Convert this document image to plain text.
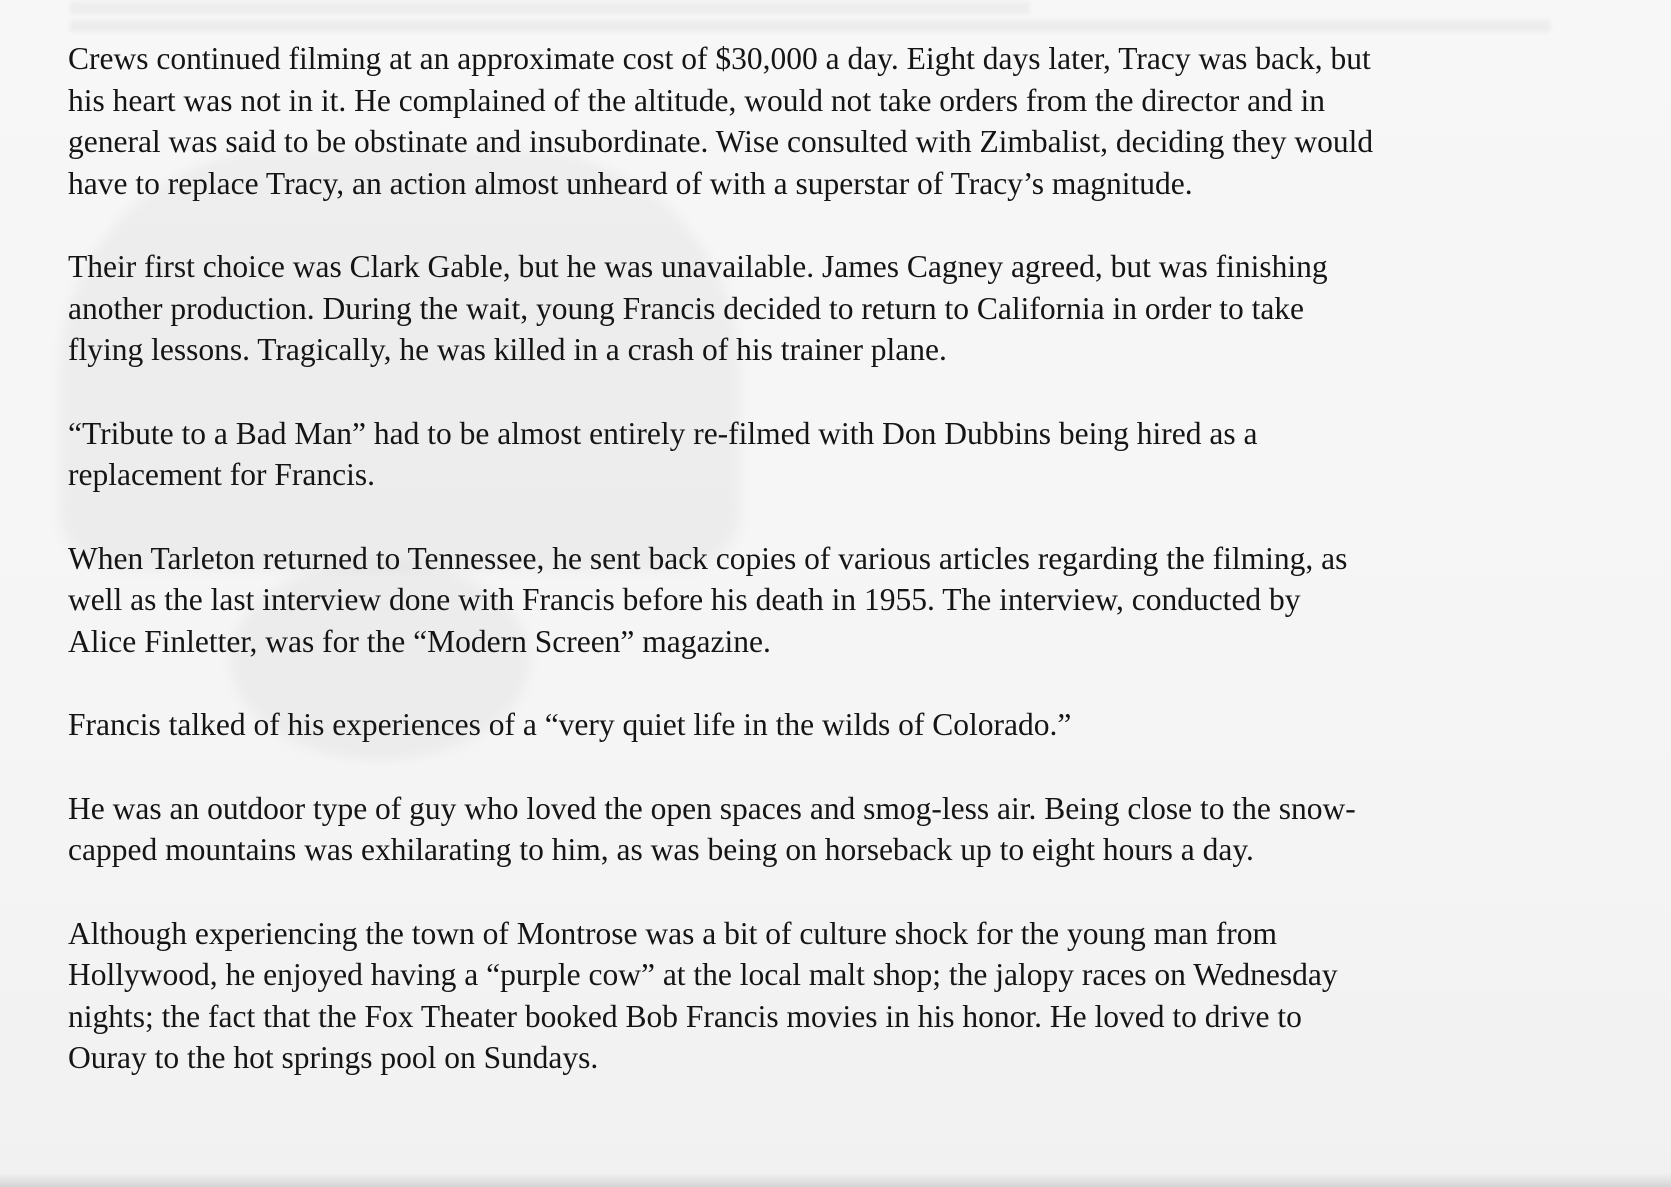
Crews continued filming at an approximate cost of $30,000 a day. Eight days later, Tracy was back, but
his heart was not in it. He complained of the altitude, would not take orders from the director and in
general was said to be obstinate and insubordinate. Wise consulted with Zimbalist, deciding they would
have to replace Tracy, an action almost unheard of with a superstar of Tracy’s magnitude.

Their first choice was Clark Gable, but he was unavailable. James Cagney agreed, but was finishing
another production. During the wait, young Francis decided to return to California in order to take
flying lessons. Tragically, he was killed in a crash of his trainer plane.

“Tribute to a Bad Man” had to be almost entirely re-filmed with Don Dubbins being hired as a
replacement for Francis.

When Tarleton returned to Tennessee, he sent back copies of various articles regarding the filming, as
well as the last interview done with Francis before his death in 1955. The interview, conducted by
Alice Finletter, was for the “Modern Screen” magazine.

Francis talked of his experiences of a “very quiet life in the wilds of Colorado.”

He was an outdoor type of guy who loved the open spaces and smog-less air. Being close to the snow-
capped mountains was exhilarating to him, as was being on horseback up to eight hours a day.

Although experiencing the town of Montrose was a bit of culture shock for the young man from
Hollywood, he enjoyed having a “purple cow” at the local malt shop; the jalopy races on Wednesday
nights; the fact that the Fox Theater booked Bob Francis movies in his honor. He loved to drive to
Ouray to the hot springs pool on Sundays.
